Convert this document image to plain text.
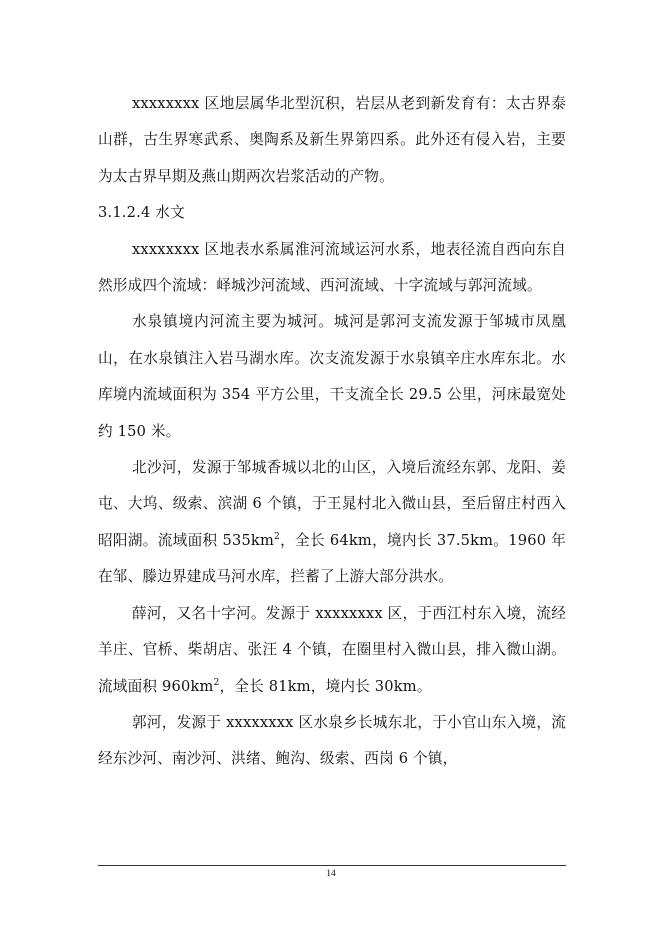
xxxxxxxx 区地层属华北型沉积，岩层从老到新发育有：太古界泰山群，古生界寒武系、奥陶系及新生界第四系。此外还有侵入岩，主要为太古界早期及燕山期两次岩浆活动的产物。

3.1.2.4 水文

xxxxxxxx 区地表水系属淮河流域运河水系，地表径流自西向东自然形成四个流域：峄城沙河流域、西河流域、十字流域与郭河流域。

水泉镇境内河流主要为城河。城河是郭河支流发源于邹城市凤凰山，在水泉镇注入岩马湖水库。次支流发源于水泉镇辛庄水库东北。水库境内流域面积为 354 平方公里，干支流全长 29.5 公里，河床最宽处约 150 米。

北沙河，发源于邹城香城以北的山区，入境后流经东郭、龙阳、姜屯、大坞、级索、滨湖 6 个镇，于王晁村北入微山县，至后留庄村西入昭阳湖。流域面积 $535km^2$，全长 64km，境内长 37.5km。1960 年在邹、滕边界建成马河水库，拦蓄了上游大部分洪水。

薛河，又名十字河。发源于 xxxxxxxx 区，于西江村东入境，流经羊庄、官桥、柴胡店、张汪 4 个镇，在圈里村入微山县，排入微山湖。流域面积 $960km^2$，全长 81km，境内长 30km。

郭河，发源于 xxxxxxxx 区水泉乡长城东北，于小官山东入境，流经东沙河、南沙河、洪绪、鲍沟、级索、西岗 6 个镇，

14
